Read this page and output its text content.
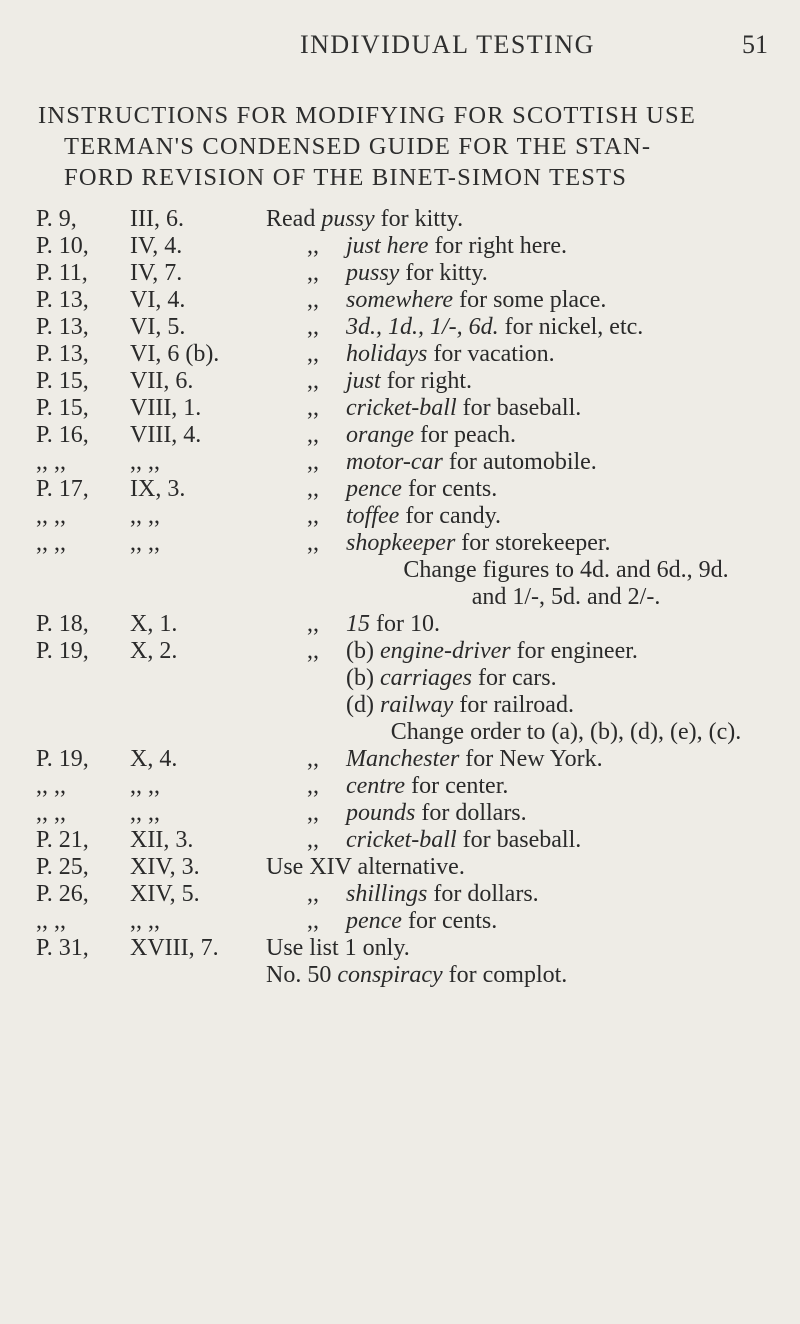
INDIVIDUAL TESTING	51
INSTRUCTIONS FOR MODIFYING FOR SCOTTISH USE
TERMAN'S CONDENSED GUIDE FOR THE STAN-
FORD REVISION OF THE BINET-SIMON TESTS
P. 9, III, 6.	Read pussy for kitty.
P. 10, IV, 4.	,, just here for right here.
P. 11, IV, 7.	,, pussy for kitty.
P. 13, VI, 4.	,, somewhere for some place.
P. 13, VI, 5.	,, 3d., 1d., 1/-, 6d. for nickel, etc.
P. 13, VI, 6 (b).	,, holidays for vacation.
P. 15, VII, 6.	,, just for right.
P. 15, VIII, 1.	,, cricket-ball for baseball.
P. 16, VIII, 4.	,, orange for peach.
,, ,,	,, ,,	,, motor-car for automobile.
P. 17, IX, 3.	,, pence for cents.
,, ,,	,, ,,	,, toffee for candy.
,, ,,	,, ,,	,, shopkeeper for storekeeper.
Change figures to 4d. and 6d., 9d.
and 1/-, 5d. and 2/-.
P. 18, X, 1.	,, 15 for 10.
P. 19, X, 2.	,, (b) engine-driver for engineer.
(b) carriages for cars.
(d) railway for railroad.
Change order to (a), (b), (d), (e), (c).
P. 19, X, 4.	,, Manchester for New York.
,, ,,	,, ,,	,, centre for center.
,, ,,	,, ,,	,, pounds for dollars.
P. 21, XII, 3.	,, cricket-ball for baseball.
P. 25, XIV, 3.	Use XIV alternative.
P. 26, XIV, 5.	,, shillings for dollars.
,, ,,	,, ,,	,, pence for cents.
P. 31, XVIII, 7. Use list 1 only.
No. 50 conspiracy for complot.
